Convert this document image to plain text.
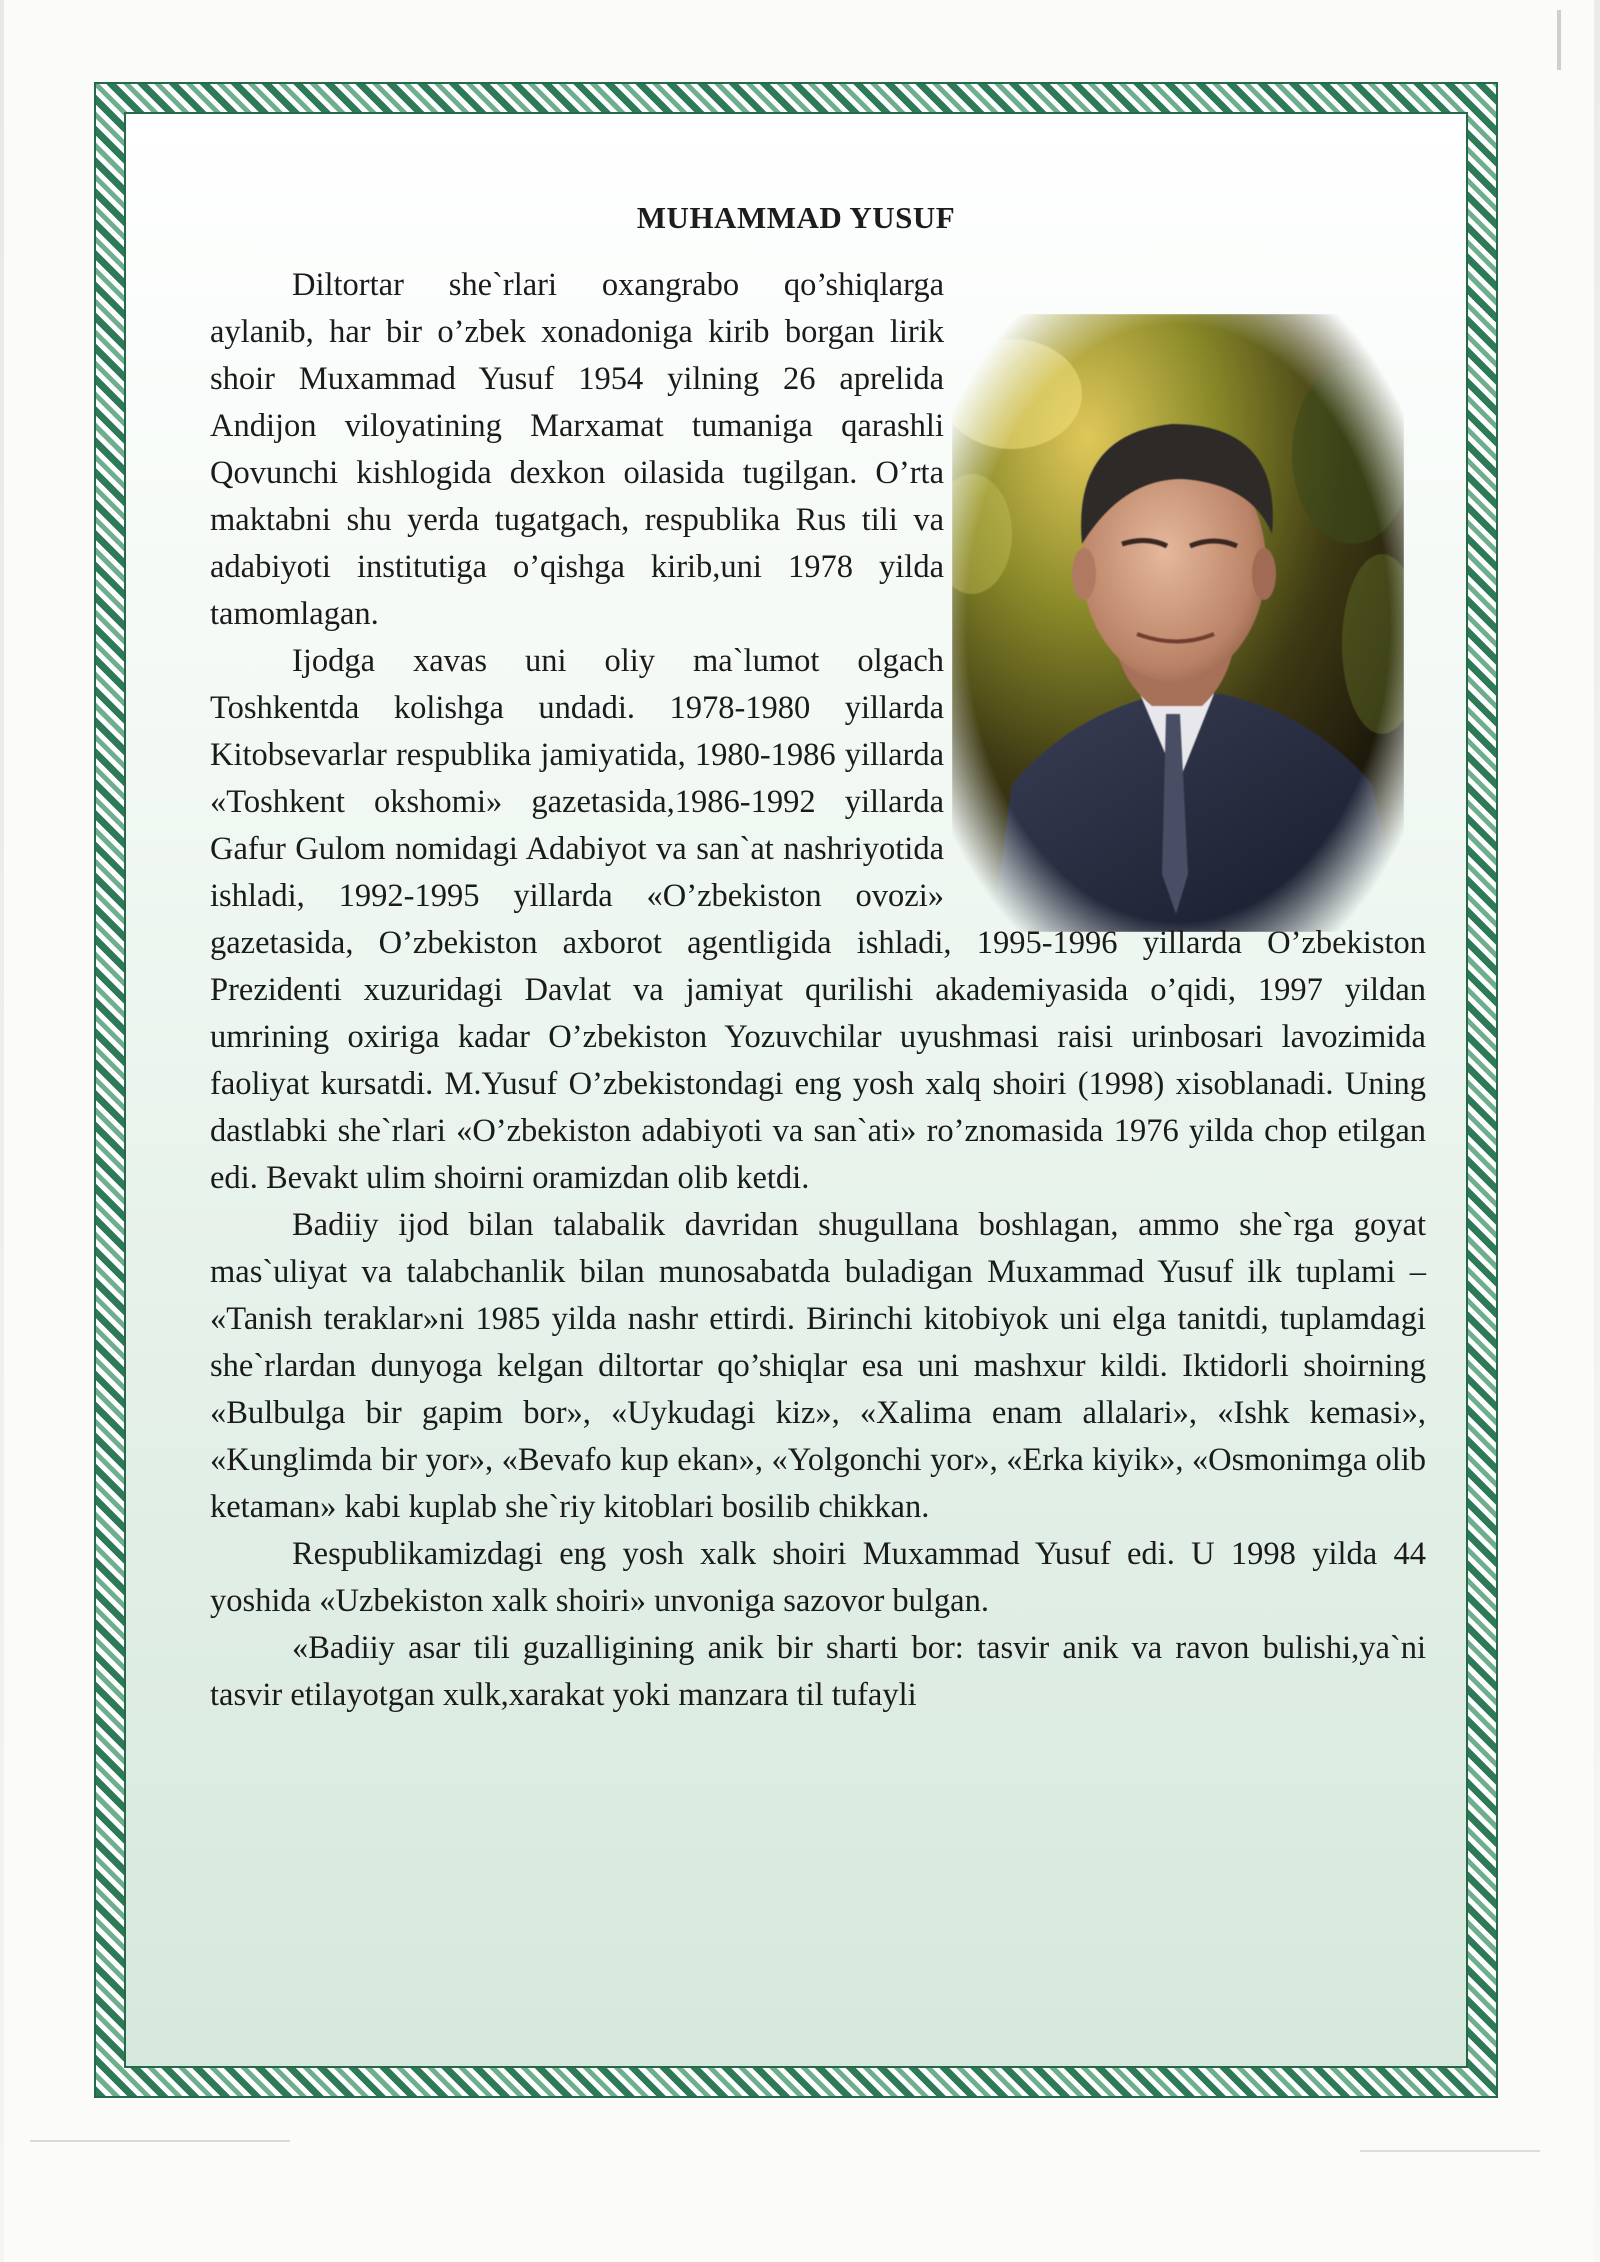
MUHAMMAD YUSUF

Diltortar she`rlari oxangrabo qo’shiqlarga aylanib, har bir o’zbek xonadoniga kirib borgan lirik shoir Muxammad Yusuf 1954 yilning 26 aprelida Andijon viloyatining Marxamat tumaniga qarashli Qovunchi kishlogida dexkon oilasida tugilgan. O’rta maktabni shu yerda tugatgach, respublika Rus tili va adabiyoti institutiga o’qishga kirib,uni 1978 yilda tamomlagan.

Ijodga xavas uni oliy ma`lumot olgach Toshkentda kolishga undadi. 1978-1980 yillarda Kitobsevarlar respublika jamiyatida, 1980-1986 yillarda «Toshkent okshomi» gazetasida,1986-1992 yillarda Gafur Gulom nomidagi Adabiyot va san`at nashriyotida ishladi, 1992-1995 yillarda «O’zbekiston ovozi» gazetasida, O’zbekiston axborot agentligida ishladi, 1995-1996 yillarda O’zbekiston Prezidenti xuzuridagi Davlat va jamiyat qurilishi akademiyasida o’qidi, 1997 yildan umrining oxiriga kadar O’zbekiston Yozuvchilar uyushmasi raisi urinbosari lavozimida faoliyat kursatdi. M.Yusuf O’zbekistondagi eng yosh xalq shoiri (1998) xisoblanadi. Uning dastlabki she`rlari «O’zbekiston adabiyoti va san`ati» ro’znomasida 1976 yilda chop etilgan edi. Bevakt ulim shoirni oramizdan olib ketdi.

Badiiy ijod bilan talabalik davridan shugullana boshlagan, ammo she`rga goyat mas`uliyat va talabchanlik bilan munosabatda buladigan Muxammad Yusuf ilk tuplami – «Tanish teraklar»ni 1985 yilda nashr ettirdi. Birinchi kitobiyok uni elga tanitdi, tuplamdagi she`rlardan dunyoga kelgan diltortar qo’shiqlar esa uni mashxur kildi. Iktidorli shoirning «Bulbulga bir gapim bor», «Uykudagi kiz», «Xalima enam allalari», «Ishk kemasi», «Kunglimda bir yor», «Bevafo kup ekan», «Yolgonchi yor», «Erka kiyik», «Osmonimga olib ketaman» kabi kuplab she`riy kitoblari bosilib chikkan.

Respublikamizdagi eng yosh xalk shoiri Muxammad Yusuf edi. U 1998 yilda 44 yoshida «Uzbekiston xalk shoiri» unvoniga sazovor bulgan.

«Badiiy asar tili guzalligining anik bir sharti bor: tasvir anik va ravon bulishi,ya`ni tasvir etilayotgan xulk,xarakat yoki manzara til tufayli
